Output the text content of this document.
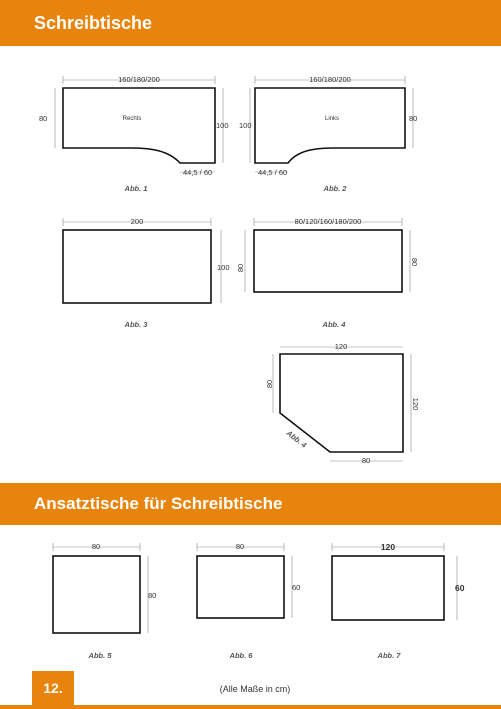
Schreibtische
160/180/200
80
100
Rechts
44,5 / 60
Abb. 1
160/180/200
100
80
Links
44,5 / 60
Abb. 2
200
100
Abb. 3
80/120/160/180/200
80
80
Abb. 4
120
80
120
80
Abb. 4
80
80
Abb. 5
80
60
Abb. 6
120
60
Abb. 7
Ansatztische für Schreibtische
12.	(Alle Maße in cm)
